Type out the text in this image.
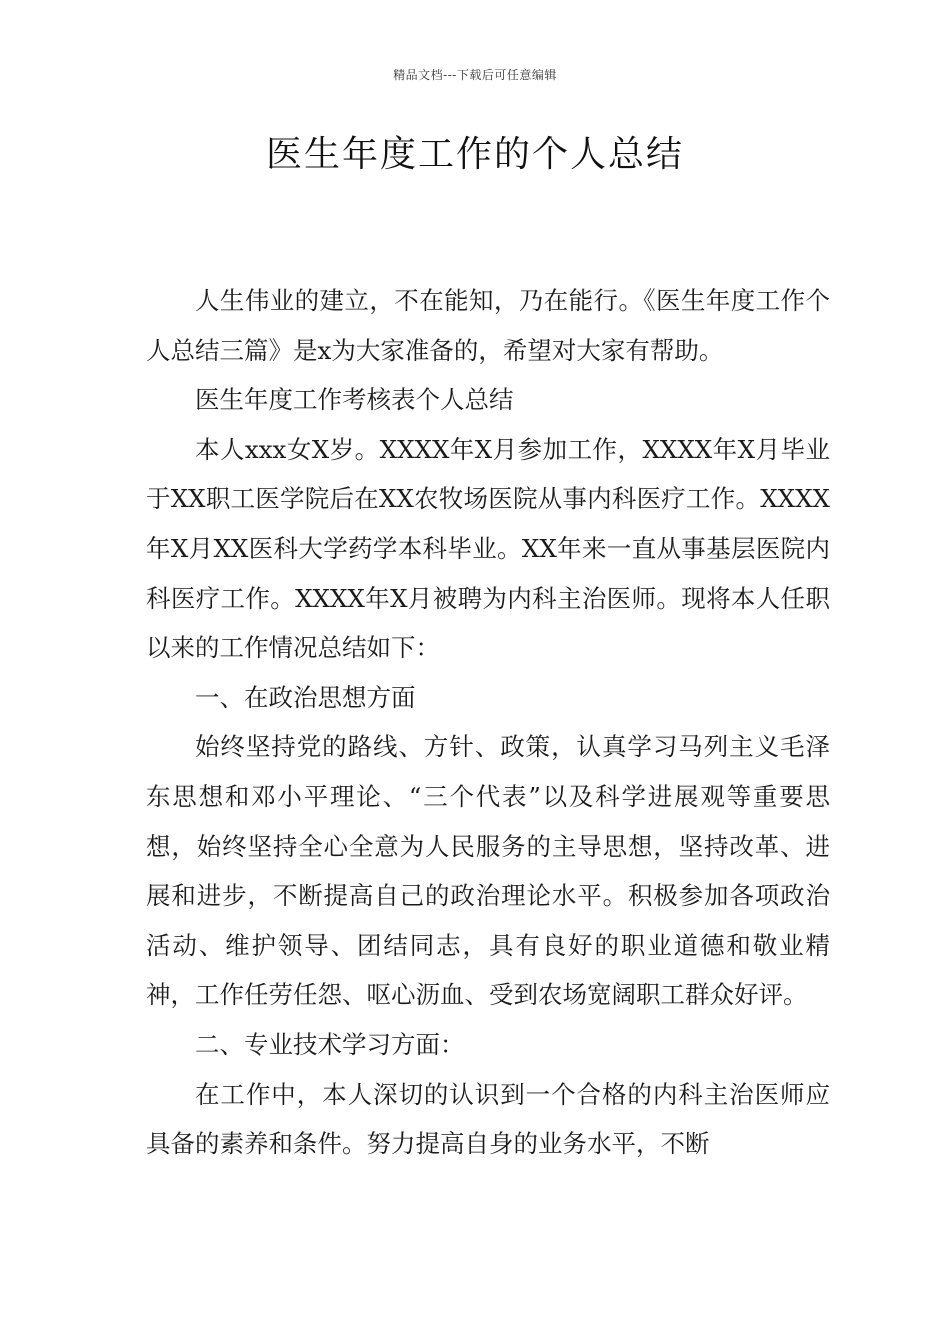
精品文档---下载后可任意编辑
医生年度工作的个人总结

人生伟业的建立，不在能知，乃在能行。《医生年度工作个人总结三篇》是x为大家准备的，希望对大家有帮助。

医生年度工作考核表个人总结

本人xxx女X岁。XXXX年X月参加工作，XXXX年X月毕业于XX职工医学院后在XX农牧场医院从事内科医疗工作。XXXX年X月XX医科大学药学本科毕业。XX年来一直从事基层医院内科医疗工作。XXXX年X月被聘为内科主治医师。现将本人任职以来的工作情况总结如下：

一、在政治思想方面

始终坚持党的路线、方针、政策，认真学习马列主义毛泽东思想和邓小平理论、“三个代表”以及科学进展观等重要思想，始终坚持全心全意为人民服务的主导思想，坚持改革、进展和进步，不断提高自己的政治理论水平。积极参加各项政治活动、维护领导、团结同志，具有良好的职业道德和敬业精神，工作任劳任怨、呕心沥血、受到农场宽阔职工群众好评。

二、专业技术学习方面：

在工作中，本人深切的认识到一个合格的内科主治医师应具备的素养和条件。努力提高自身的业务水平，不断
